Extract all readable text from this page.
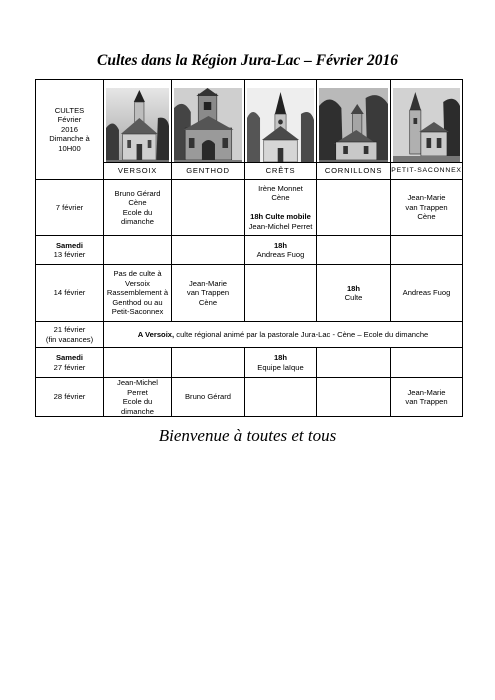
Cultes dans la Région Jura-Lac – Février 2016
CULTES
Février
2016
Dimanche à
10H00	VERSOIX	GENTHOD	CRÊTS	CORNILLONS	PETIT-SACONNEX

7 février	Bruno Gérard
Cène
Ecole du dimanche		Irène Monnet
Cène

18h Culte mobile
Jean-Michel Perret		Jean-Marie
van Trappen
Cène
Samedi
13 février			18h
Andreas Fuog		
14 février	Pas de culte à
Versoix
Rassemblement à
Genthod ou au
Petit-Saconnex	Jean-Marie
van Trappen
Cène		18h
Culte	Andreas Fuog
21 février
(fin vacances)	A Versoix, culte régional animé par la pastorale Jura-Lac - Cène – Ecole du dimanche				
Samedi
27 février			18h
Equipe laïque		
28 février	Jean-Michel
Perret
Ecole du dimanche	Bruno Gérard			Jean-Marie
van Trappen

Bienvenue à toutes et tous
